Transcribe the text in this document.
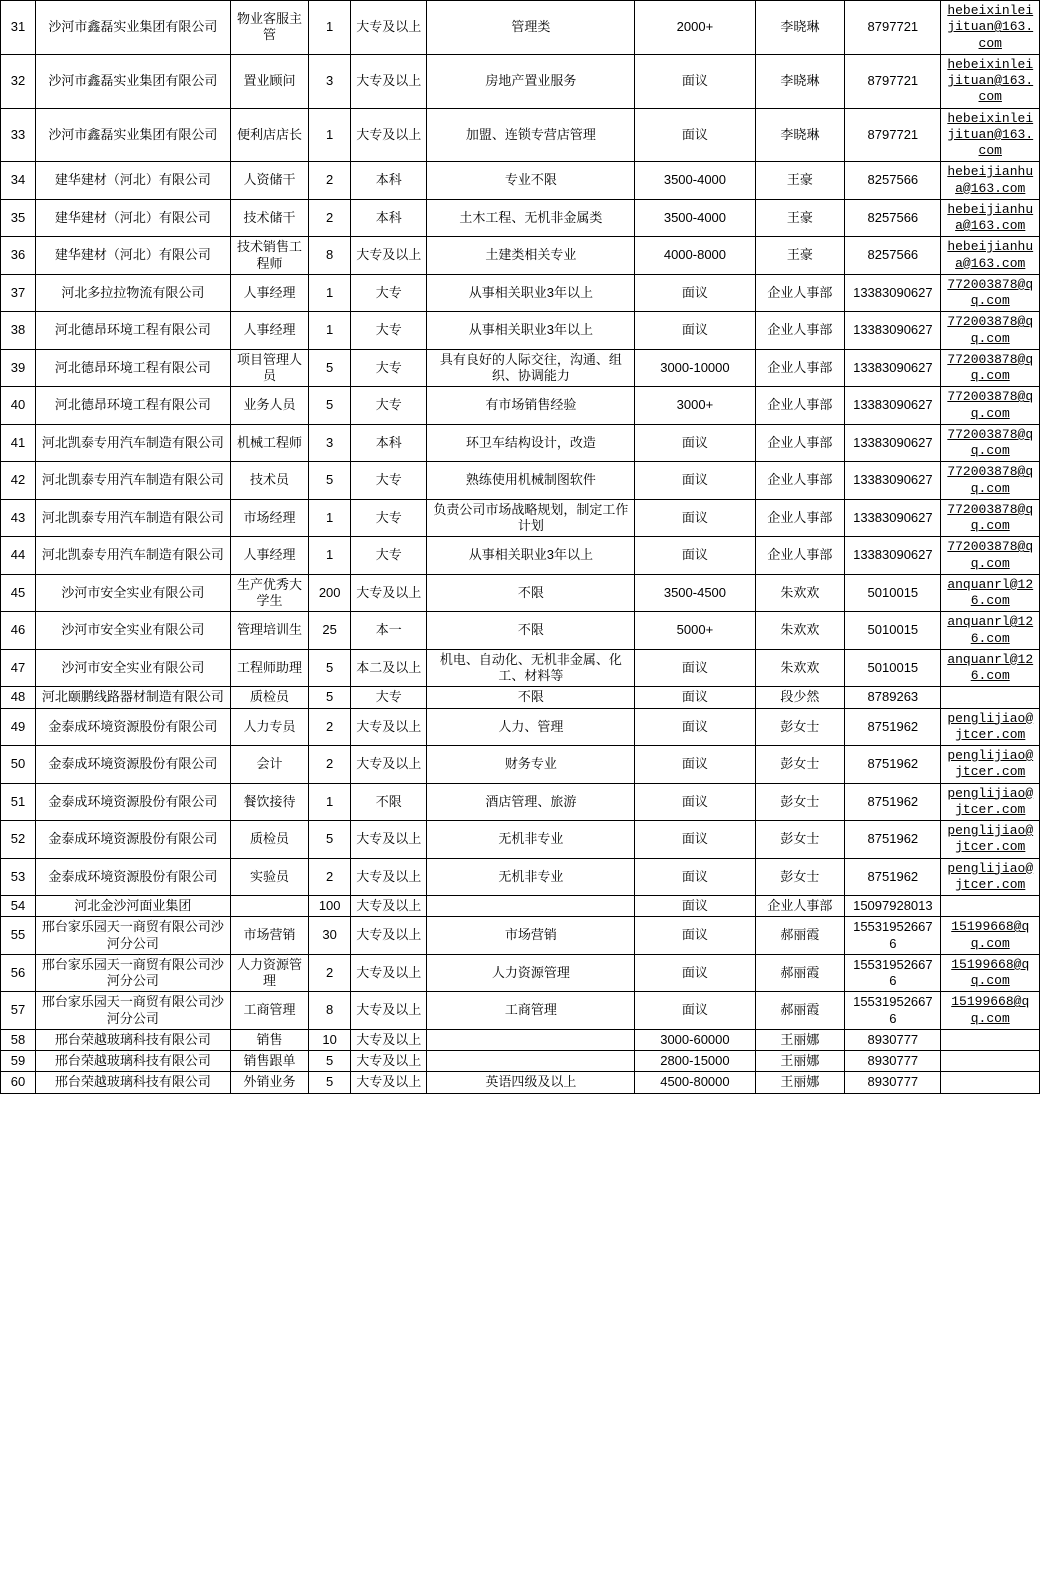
31	沙河市鑫磊实业集团有限公司	物业客服主管	1	大专及以上	管理类	2000+	李晓琳	8797721	hebeixinleijituan@163.com
32	沙河市鑫磊实业集团有限公司	置业顾问	3	大专及以上	房地产置业服务	面议	李晓琳	8797721	hebeixinleijituan@163.com
33	沙河市鑫磊实业集团有限公司	便利店店长	1	大专及以上	加盟、连锁专营店管理	面议	李晓琳	8797721	hebeixinleijituan@163.com
34	建华建材（河北）有限公司	人资储干	2	本科	专业不限	3500-4000	王豪	8257566	hebeijianhua@163.com
35	建华建材（河北）有限公司	技术储干	2	本科	土木工程、无机非金属类	3500-4000	王豪	8257566	hebeijianhua@163.com
36	建华建材（河北）有限公司	技术销售工程师	8	大专及以上	土建类相关专业	4000-8000	王豪	8257566	hebeijianhua@163.com
37	河北多拉拉物流有限公司	人事经理	1	大专	从事相关职业3年以上	面议	企业人事部	13383090627	772003878@qq.com
38	河北德昂环境工程有限公司	人事经理	1	大专	从事相关职业3年以上	面议	企业人事部	13383090627	772003878@qq.com
39	河北德昂环境工程有限公司	项目管理人员	5	大专	具有良好的人际交往，沟通、组织、协调能力	3000-10000	企业人事部	13383090627	772003878@qq.com
40	河北德昂环境工程有限公司	业务人员	5	大专	有市场销售经验	3000+	企业人事部	13383090627	772003878@qq.com
41	河北凯泰专用汽车制造有限公司	机械工程师	3	本科	环卫车结构设计，改造	面议	企业人事部	13383090627	772003878@qq.com
42	河北凯泰专用汽车制造有限公司	技术员	5	大专	熟练使用机械制图软件	面议	企业人事部	13383090627	772003878@qq.com
43	河北凯泰专用汽车制造有限公司	市场经理	1	大专	负责公司市场战略规划，制定工作计划	面议	企业人事部	13383090627	772003878@qq.com
44	河北凯泰专用汽车制造有限公司	人事经理	1	大专	从事相关职业3年以上	面议	企业人事部	13383090627	772003878@qq.com
45	沙河市安全实业有限公司	生产优秀大学生	200	大专及以上	不限	3500-4500	朱欢欢	5010015	anquanrl@126.com
46	沙河市安全实业有限公司	管理培训生	25	本一	不限	5000+	朱欢欢	5010015	anquanrl@126.com
47	沙河市安全实业有限公司	工程师助理	5	本二及以上	机电、自动化、无机非金属、化工、材料等	面议	朱欢欢	5010015	anquanrl@126.com
48	河北颐鹏线路器材制造有限公司	质检员	5	大专	不限	面议	段少然	8789263	
49	金泰成环境资源股份有限公司	人力专员	2	大专及以上	人力、管理	面议	彭女士	8751962	penglijiao@jtcer.com
50	金泰成环境资源股份有限公司	会计	2	大专及以上	财务专业	面议	彭女士	8751962	penglijiao@jtcer.com
51	金泰成环境资源股份有限公司	餐饮接待	1	不限	酒店管理、旅游	面议	彭女士	8751962	penglijiao@jtcer.com
52	金泰成环境资源股份有限公司	质检员	5	大专及以上	无机非专业	面议	彭女士	8751962	penglijiao@jtcer.com
53	金泰成环境资源股份有限公司	实验员	2	大专及以上	无机非专业	面议	彭女士	8751962	penglijiao@jtcer.com
54	河北金沙河面业集团		100	大专及以上		面议	企业人事部	15097928013	
55	邢台家乐园天一商贸有限公司沙河分公司	市场营销	30	大专及以上	市场营销	面议	郝丽霞	15531952667 6	15199668@qq.com
56	邢台家乐园天一商贸有限公司沙河分公司	人力资源管理	2	大专及以上	人力资源管理	面议	郝丽霞	15531952667 6	15199668@qq.com
57	邢台家乐园天一商贸有限公司沙河分公司	工商管理	8	大专及以上	工商管理	面议	郝丽霞	15531952667 6	15199668@qq.com
58	邢台荣越玻璃科技有限公司	销售	10	大专及以上		3000-60000	王丽娜	8930777	
59	邢台荣越玻璃科技有限公司	销售跟单	5	大专及以上		2800-15000	王丽娜	8930777	
60	邢台荣越玻璃科技有限公司	外销业务	5	大专及以上	英语四级及以上	4500-80000	王丽娜	8930777	
